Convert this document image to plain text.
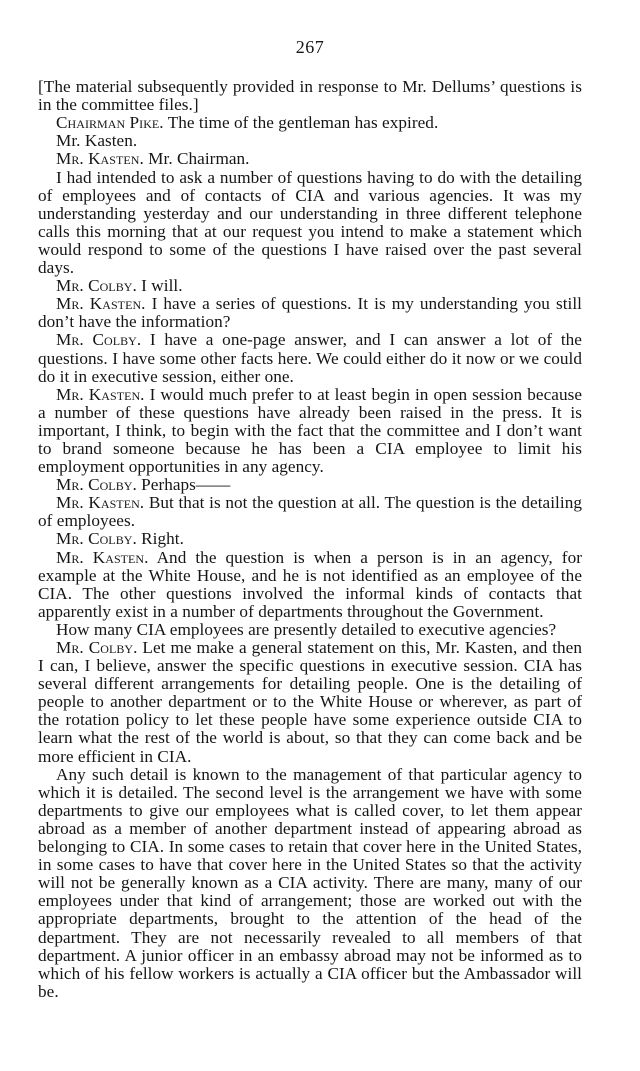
267

[The material subsequently provided in response to Mr. Dellums’ questions is in the committee files.]

Chairman Pike. The time of the gentleman has expired.

Mr. Kasten.

Mr. Kasten. Mr. Chairman.

I had intended to ask a number of questions having to do with the detailing of employees and of contacts of CIA and various agencies. It was my understanding yesterday and our understanding in three different telephone calls this morning that at our request you intend to make a statement which would respond to some of the questions I have raised over the past several days.

Mr. Colby. I will.

Mr. Kasten. I have a series of questions. It is my understanding you still don’t have the information?

Mr. Colby. I have a one-page answer, and I can answer a lot of the questions. I have some other facts here. We could either do it now or we could do it in executive session, either one.

Mr. Kasten. I would much prefer to at least begin in open session because a number of these questions have already been raised in the press. It is important, I think, to begin with the fact that the committee and I don’t want to brand someone because he has been a CIA employee to limit his employment opportunities in any agency.

Mr. Colby. Perhaps——

Mr. Kasten. But that is not the question at all. The question is the detailing of employees.

Mr. Colby. Right.

Mr. Kasten. And the question is when a person is in an agency, for example at the White House, and he is not identified as an employee of the CIA. The other questions involved the informal kinds of contacts that apparently exist in a number of departments throughout the Government.

How many CIA employees are presently detailed to executive agencies?

Mr. Colby. Let me make a general statement on this, Mr. Kasten, and then I can, I believe, answer the specific questions in executive session. CIA has several different arrangements for detailing people. One is the detailing of people to another department or to the White House or wherever, as part of the rotation policy to let these people have some experience outside CIA to learn what the rest of the world is about, so that they can come back and be more efficient in CIA.

Any such detail is known to the management of that particular agency to which it is detailed. The second level is the arrangement we have with some departments to give our employees what is called cover, to let them appear abroad as a member of another department instead of appearing abroad as belonging to CIA. In some cases to retain that cover here in the United States, in some cases to have that cover here in the United States so that the activity will not be generally known as a CIA activity. There are many, many of our employees under that kind of arrangement; those are worked out with the appropriate departments, brought to the attention of the head of the department. They are not necessarily revealed to all members of that department. A junior officer in an embassy abroad may not be informed as to which of his fellow workers is actually a CIA officer but the Ambassador will be.
